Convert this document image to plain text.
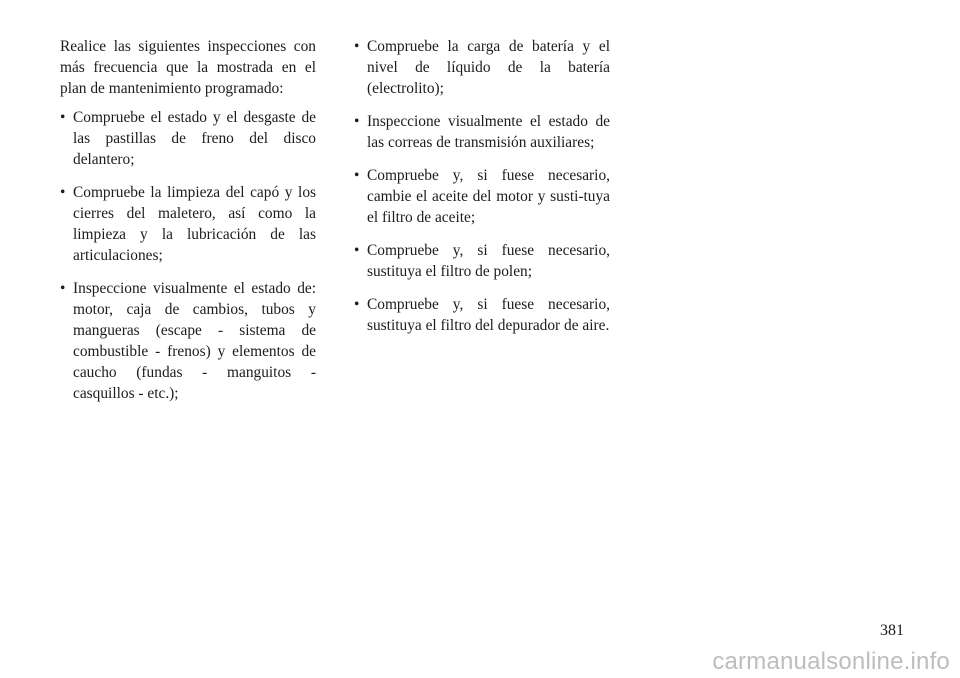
Realice las siguientes inspecciones con más frecuencia que la mostrada en el plan de mantenimiento programado:

• Compruebe el estado y el desgaste de las pastillas de freno del disco delantero;
• Compruebe la limpieza del capó y los cierres del maletero, así como la limpieza y la lubricación de las articulaciones;
• Inspeccione visualmente el estado de: motor, caja de cambios, tubos y mangueras (escape - sistema de combustible - frenos) y elementos de caucho (fundas - manguitos - casquillos - etc.);
• Compruebe la carga de batería y el nivel de líquido de la batería (electrolito);
• Inspeccione visualmente el estado de las correas de transmisión auxiliares;
• Compruebe y, si fuese necesario, cambie el aceite del motor y susti-tuya el filtro de aceite;
• Compruebe y, si fuese necesario, sustituya el filtro de polen;
• Compruebe y, si fuese necesario, sustituya el filtro del depurador de aire.
381
carmanualsonline.info
